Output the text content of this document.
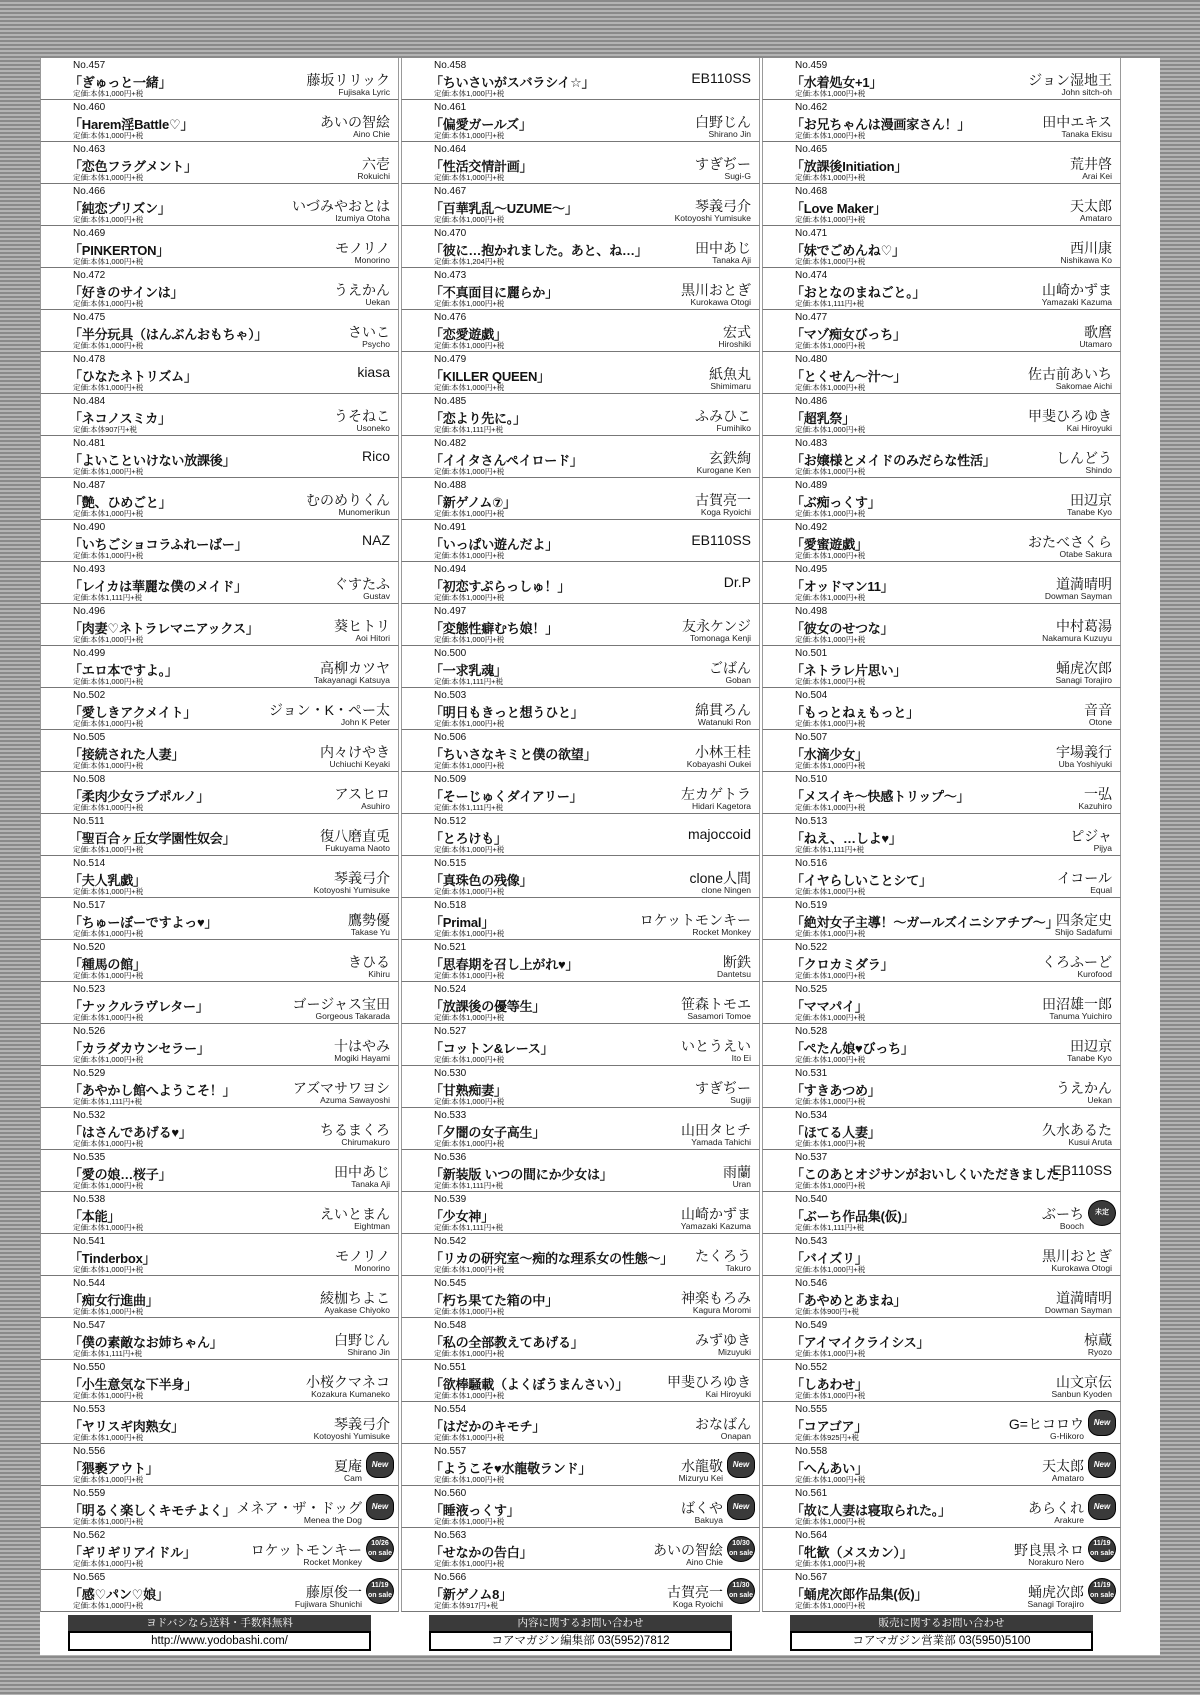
No.457
「ぎゅっと一緒」
定価:本体1,000円+税
藤坂リリック
Fujisaka Lyric
No.460
「Harem淫Battle♡」
定価:本体1,000円+税
あいの智絵
Aino Chie
No.463
「恋色フラグメント」
定価:本体1,000円+税
六壱
Rokuichi
No.466
「純恋プリズン」
定価:本体1,000円+税
いづみやおとは
Izumiya Otoha
No.469
「PINKERTON」
定価:本体1,000円+税
モノリノ
Monorino
No.472
「好きのサインは」
定価:本体1,000円+税
うえかん
Uekan
No.475
「半分玩具（はんぶんおもちゃ）」
定価:本体1,000円+税
さいこ
Psycho
No.478
「ひなたネトリズム」
定価:本体1,000円+税
kiasa
No.484
「ネコノスミカ」
定価:本体907円+税
うそねこ
Usoneko
No.481
「よいこといけない放課後」
定価:本体1,000円+税
Rico
No.487
「艶、ひめごと」
定価:本体1,000円+税
むのめりくん
Munomerikun
No.490
「いちごショコラふれーばー」
定価:本体1,000円+税
NAZ
No.493
「レイカは華麗な僕のメイド」
定価:本体1,111円+税
ぐすたふ
Gustav
No.496
「肉妻♡ネトラレマニアックス」
定価:本体1,000円+税
葵ヒトリ
Aoi Hitori
No.499
「エロ本ですよ。」
定価:本体1,000円+税
高柳カツヤ
Takayanagi Katsuya
No.502
「愛しきアクメイト」
定価:本体1,000円+税
ジョン・K・ペー太
John K Peter
No.505
「接続された人妻」
定価:本体1,000円+税
内々けやき
Uchiuchi Keyaki
No.508
「柔肉少女ラブポルノ」
定価:本体1,000円+税
アスヒロ
Asuhiro
No.511
「聖百合ヶ丘女学園性奴会」
定価:本体1,000円+税
復八磨直兎
Fukuyama Naoto
No.514
「夫人乳戯」
定価:本体1,000円+税
琴義弓介
Kotoyoshi Yumisuke
No.517
「ちゅーぼーですよっ♥」
定価:本体1,000円+税
鷹勢優
Takase Yu
No.520
「種馬の館」
定価:本体1,000円+税
きひる
Kihiru
No.523
「ナックルラヴレター」
定価:本体1,000円+税
ゴージャス宝田
Gorgeous Takarada
No.526
「カラダカウンセラー」
定価:本体1,000円+税
十はやみ
Mogiki Hayami
No.529
「あやかし館へようこそ！」
定価:本体1,111円+税
アズマサワヨシ
Azuma Sawayoshi
No.532
「はさんであげる♥」
定価:本体1,000円+税
ちるまくろ
Chirumakuro
No.535
「愛の娘…桜子」
定価:本体1,000円+税
田中あじ
Tanaka Aji
No.538
「本能」
定価:本体1,000円+税
えいとまん
Eightman
No.541
「Tinderbox」
定価:本体1,000円+税
モノリノ
Monorino
No.544
「痴女行進曲」
定価:本体1,000円+税
綾枷ちよこ
Ayakase Chiyoko
No.547
「僕の素敵なお姉ちゃん」
定価:本体1,111円+税
白野じん
Shirano Jin
No.550
「小生意気な下半身」
定価:本体1,000円+税
小桜クマネコ
Kozakura Kumaneko
No.553
「ヤリスギ肉熟女」
定価:本体1,000円+税
琴義弓介
Kotoyoshi Yumisuke
No.556
「猥褻アウト」
定価:本体1,000円+税
夏庵
Cam
New
No.559
「明るく楽しくキモチよく」
定価:本体1,000円+税
メネア・ザ・ドッグ
Menea the Dog
New
No.562
「ギリギリアイドル」
定価:本体1,000円+税
ロケットモンキー
Rocket Monkey
10/26 on sale
No.565
「感♡パン♡娘」
定価:本体1,000円+税
藤原俊一
Fujiwara Shunichi
11/19 on sale
No.458
「ちいさいがスバラシイ☆」
定価:本体1,000円+税
EB110SS
No.461
「偏愛ガールズ」
定価:本体1,000円+税
白野じん
Shirano Jin
No.464
「性活交情計画」
定価:本体1,000円+税
すぎぢー
Sugi-G
No.467
「百華乳乱〜UZUME〜」
定価:本体1,000円+税
琴義弓介
Kotoyoshi Yumisuke
No.470
「彼に…抱かれました。あと、ね…」
定価:本体1,204円+税
田中あじ
Tanaka Aji
No.473
「不真面目に麗らか」
定価:本体1,000円+税
黒川おとぎ
Kurokawa Otogi
No.476
「恋愛遊戯」
定価:本体1,000円+税
宏式
Hiroshiki
No.479
「KILLER QUEEN」
定価:本体1,000円+税
紙魚丸
Shimimaru
No.485
「恋より先に。」
定価:本体1,111円+税
ふみひこ
Fumihiko
No.482
「イイタさんペイロード」
定価:本体1,000円+税
玄鉄絢
Kurogane Ken
No.488
「新ゲノム⑦」
定価:本体1,000円+税
古賀亮一
Koga Ryoichi
No.491
「いっぱい遊んだよ」
定価:本体1,000円+税
EB110SS
No.494
「初恋すぷらっしゅ！」
定価:本体1,000円+税
Dr.P
No.497
「変態性癖むち娘！」
定価:本体1,000円+税
友永ケンジ
Tomonaga Kenji
No.500
「一求乳魂」
定価:本体1,111円+税
ごばん
Goban
No.503
「明日もきっと想うひと」
定価:本体1,000円+税
綿貫ろん
Watanuki Ron
No.506
「ちいさなキミと僕の欲望」
定価:本体1,000円+税
小林王桂
Kobayashi Oukei
No.509
「そーじゅくダイアリー」
定価:本体1,111円+税
左カゲトラ
Hidari Kagetora
No.512
「とろけも」
定価:本体1,000円+税
majoccoid
No.515
「真珠色の残像」
定価:本体1,000円+税
clone人間
clone Ningen
No.518
「Primal」
定価:本体1,000円+税
ロケットモンキー
Rocket Monkey
No.521
「思春期を召し上がれ♥」
定価:本体1,000円+税
断鉄
Dantetsu
No.524
「放課後の優等生」
定価:本体1,000円+税
笹森トモエ
Sasamori Tomoe
No.527
「コットン&レース」
定価:本体1,000円+税
いとうえい
Ito Ei
No.530
「甘熟痴妻」
定価:本体1,000円+税
すぎぢー
Sugiji
No.533
「夕闇の女子高生」
定価:本体1,000円+税
山田タヒチ
Yamada Tahichi
No.536
「新装版 いつの間にか少女は」
定価:本体1,111円+税
雨蘭
Uran
No.539
「少女神」
定価:本体1,111円+税
山崎かずま
Yamazaki Kazuma
No.542
「リカの研究室〜痴的な理系女の性態〜」
定価:本体1,000円+税
たくろう
Takuro
No.545
「朽ち果てた箱の中」
定価:本体1,000円+税
神楽もろみ
Kagura Moromi
No.548
「私の全部教えてあげる」
定価:本体1,000円+税
みずゆき
Mizuyuki
No.551
「欲棒騒載（よくぼうまんさい）」
定価:本体1,000円+税
甲斐ひろゆき
Kai Hiroyuki
No.554
「はだかのキモチ」
定価:本体1,000円+税
おなばん
Onapan
No.557
「ようこそ♥水龍敬ランド」
定価:本体1,000円+税
水龍敬
Mizuryu Kei
New
No.560
「睡液っくす」
定価:本体1,000円+税
ばくや
Bakuya
New
No.563
「せなかの告白」
定価:本体1,000円+税
あいの智絵
Aino Chie
10/30 on sale
No.566
「新ゲノム8」
定価:本体917円+税
古賀亮一
Koga Ryoichi
11/30 on sale
No.459
「水着処女+1」
定価:本体1,000円+税
ジョン湿地王
John sitch-oh
No.462
「お兄ちゃんは漫画家さん！」
定価:本体1,000円+税
田中エキス
Tanaka Ekisu
No.465
「放課後Initiation」
定価:本体1,000円+税
荒井啓
Arai Kei
No.468
「Love Maker」
定価:本体1,000円+税
天太郎
Amataro
No.471
「妹でごめんね♡」
定価:本体1,000円+税
西川康
Nishikawa Ko
No.474
「おとなのまねごと。」
定価:本体1,111円+税
山崎かずま
Yamazaki Kazuma
No.477
「マゾ痴女びっち」
定価:本体1,000円+税
歌麿
Utamaro
No.480
「とくせん〜汁〜」
定価:本体1,000円+税
佐古前あいち
Sakomae Aichi
No.486
「超乳祭」
定価:本体1,000円+税
甲斐ひろゆき
Kai Hiroyuki
No.483
「お嬢様とメイドのみだらな性活」
定価:本体1,000円+税
しんどう
Shindo
No.489
「ぶ痴っくす」
定価:本体1,000円+税
田辺京
Tanabe Kyo
No.492
「愛蜜遊戯」
定価:本体1,000円+税
おたべさくら
Otabe Sakura
No.495
「オッドマン11」
定価:本体1,000円+税
道満晴明
Dowman Sayman
No.498
「彼女のせつな」
定価:本体1,000円+税
中村葛湯
Nakamura Kuzuyu
No.501
「ネトラレ片思い」
定価:本体1,000円+税
蛹虎次郎
Sanagi Torajiro
No.504
「もっとねぇもっと」
定価:本体1,000円+税
音音
Otone
No.507
「水滴少女」
定価:本体1,000円+税
宇場義行
Uba Yoshiyuki
No.510
「メスイキ〜快感トリップ〜」
定価:本体1,000円+税
一弘
Kazuhiro
No.513
「ねえ、…しよ♥」
定価:本体1,111円+税
ピジャ
Pijya
No.516
「イヤらしいことシて」
定価:本体1,000円+税
イコール
Equal
No.519
「絶対女子主導！〜ガールズイニシアチブ〜」
定価:本体1,000円+税
四条定史
Shijo Sadafumi
No.522
「クロカミダラ」
定価:本体1,000円+税
くろふーど
Kurofood
No.525
「ママパイ」
定価:本体1,000円+税
田沼雄一郎
Tanuma Yuichiro
No.528
「ぺたん娘♥びっち」
定価:本体1,000円+税
田辺京
Tanabe Kyo
No.531
「すきあつめ」
定価:本体1,000円+税
うえかん
Uekan
No.534
「ほてる人妻」
定価:本体1,000円+税
久水あるた
Kusui Aruta
No.537
「このあとオジサンがおいしくいただきました」
定価:本体1,000円+税
EB110SS
No.540
「ぶーち作品集(仮)」
定価:本体1,111円+税
ぶーち
Booch
未定
No.543
「バイズリ」
定価:本体1,000円+税
黒川おとぎ
Kurokawa Otogi
No.546
「あやめとあまね」
定価:本体900円+税
道満晴明
Dowman Sayman
No.549
「アイマイクライシス」
定価:本体1,000円+税
椋蔵
Ryozo
No.552
「しあわせ」
定価:本体1,000円+税
山文京伝
Sanbun Kyoden
No.555
「コアゴア」
定価:本体925円+税
G=ヒコロウ
G-Hikoro
New
No.558
「へんあい」
定価:本体1,000円+税
天太郎
Amataro
New
No.561
「故に人妻は寝取られた。」
定価:本体1,000円+税
あらくれ
Arakure
New
No.564
「牝歓（メスカン）」
定価:本体1,000円+税
野良黒ネロ
Norakuro Nero
11/19 on sale
No.567
「蛹虎次郎作品集(仮)」
定価:本体1,000円+税
蛹虎次郎
Sanagi Torajiro
11/19 on sale
ヨドバシなら送料・手数料無料
http://www.yodobashi.com/
内容に関するお問い合わせ
コアマガジン編集部 03(5952)7812
販売に関するお問い合わせ
コアマガジン営業部 03(5950)5100
